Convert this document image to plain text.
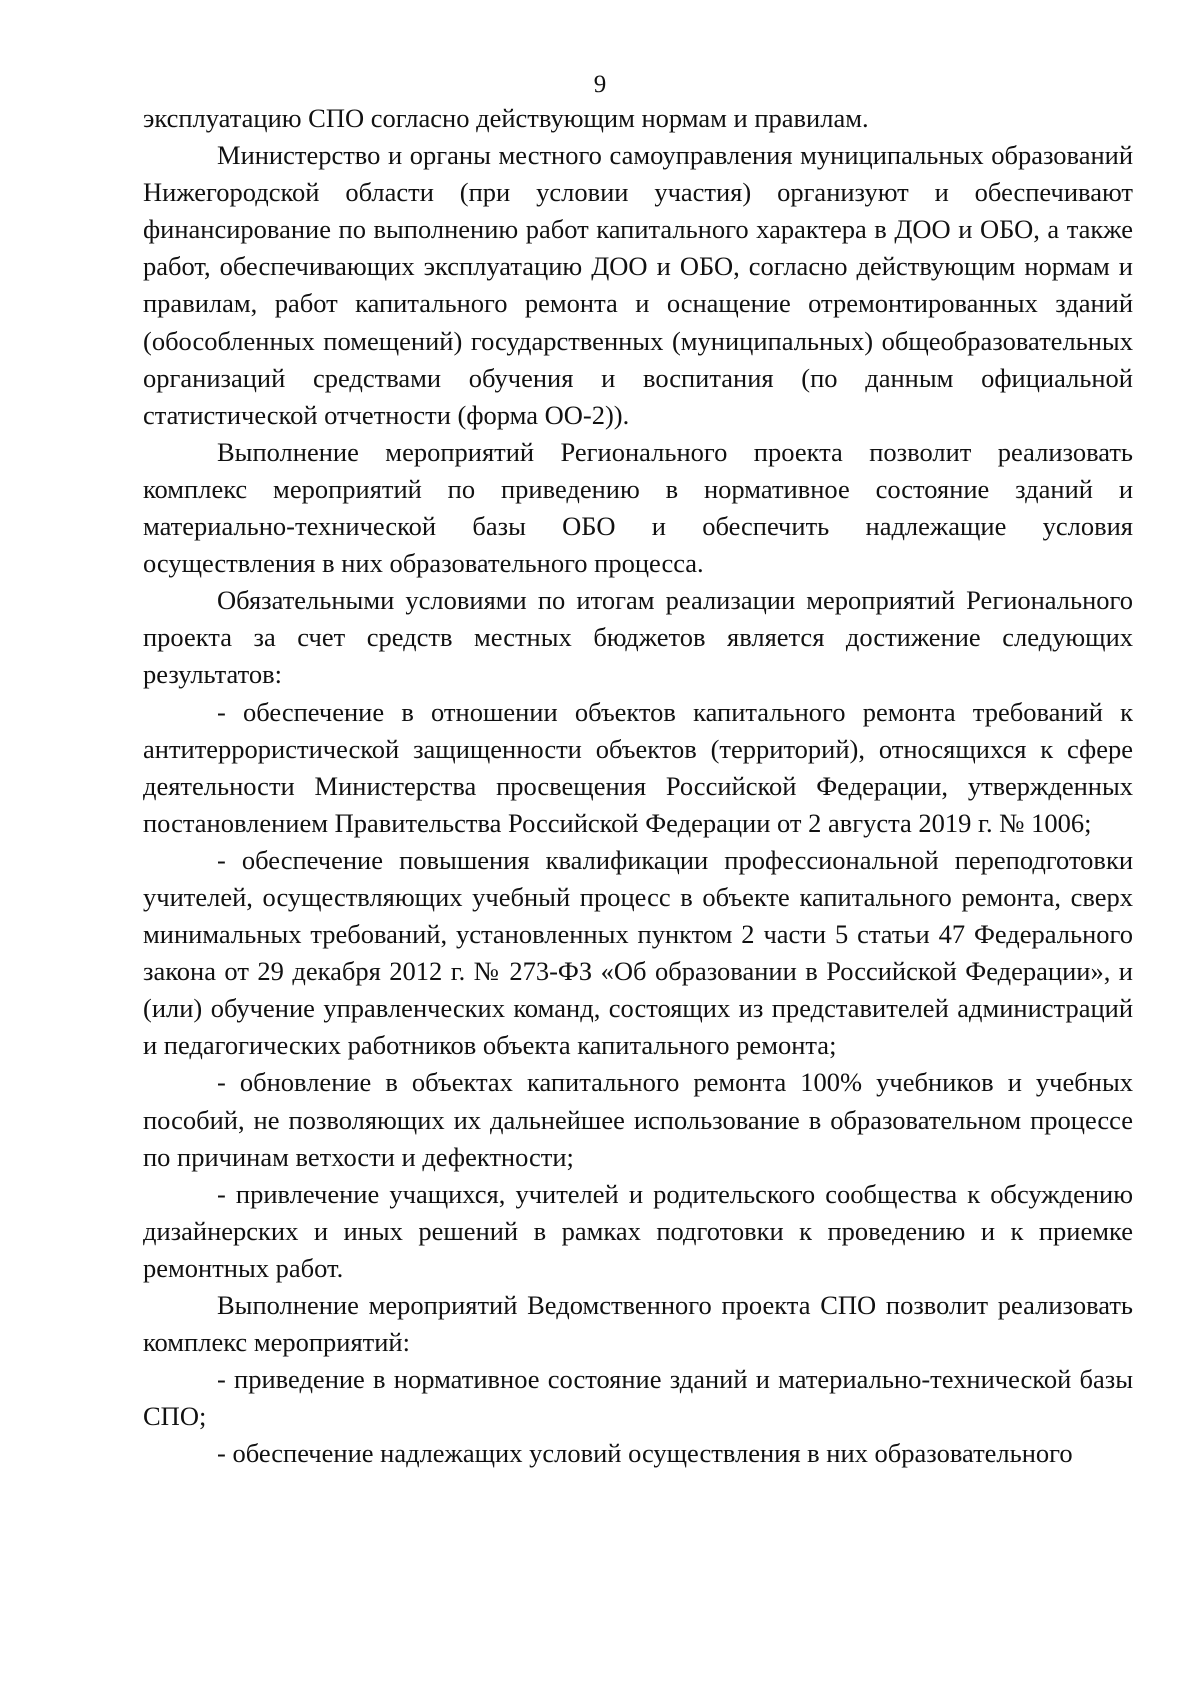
9

эксплуатацию СПО согласно действующим нормам и правилам.

Министерство и органы местного самоуправления муниципальных образований Нижегородской области (при условии участия) организуют и обеспечивают финансирование по выполнению работ капитального характера в ДОО и ОБО, а также работ, обеспечивающих эксплуатацию ДОО и ОБО, согласно действующим нормам и правилам, работ капитального ремонта и оснащение отремонтированных зданий (обособленных помещений) государственных (муниципальных) общеобразовательных организаций средствами обучения и воспитания (по данным официальной статистической отчетности (форма ОО-2)).

Выполнение мероприятий Регионального проекта позволит реализовать комплекс мероприятий по приведению в нормативное состояние зданий и материально-технической базы ОБО и обеспечить надлежащие условия осуществления в них образовательного процесса.

Обязательными условиями по итогам реализации мероприятий Регионального проекта за счет средств местных бюджетов является достижение следующих результатов:

- обеспечение в отношении объектов капитального ремонта требований к антитеррористической защищенности объектов (территорий), относящихся к сфере деятельности Министерства просвещения Российской Федерации, утвержденных постановлением Правительства Российской Федерации от 2 августа 2019 г. № 1006;

- обеспечение повышения квалификации профессиональной переподготовки учителей, осуществляющих учебный процесс в объекте капитального ремонта, сверх минимальных требований, установленных пунктом 2 части 5 статьи 47 Федерального закона от 29 декабря 2012 г. № 273-ФЗ «Об образовании в Российской Федерации», и (или) обучение управленческих команд, состоящих из представителей администраций и педагогических работников объекта капитального ремонта;

- обновление в объектах капитального ремонта 100% учебников и учебных пособий, не позволяющих их дальнейшее использование в образовательном процессе по причинам ветхости и дефектности;

- привлечение учащихся, учителей и родительского сообщества к обсуждению дизайнерских и иных решений в рамках подготовки к проведению и к приемке ремонтных работ.

Выполнение мероприятий Ведомственного проекта СПО позволит реализовать комплекс мероприятий:

- приведение в нормативное состояние зданий и материально-технической базы СПО;

- обеспечение надлежащих условий осуществления в них образовательного
